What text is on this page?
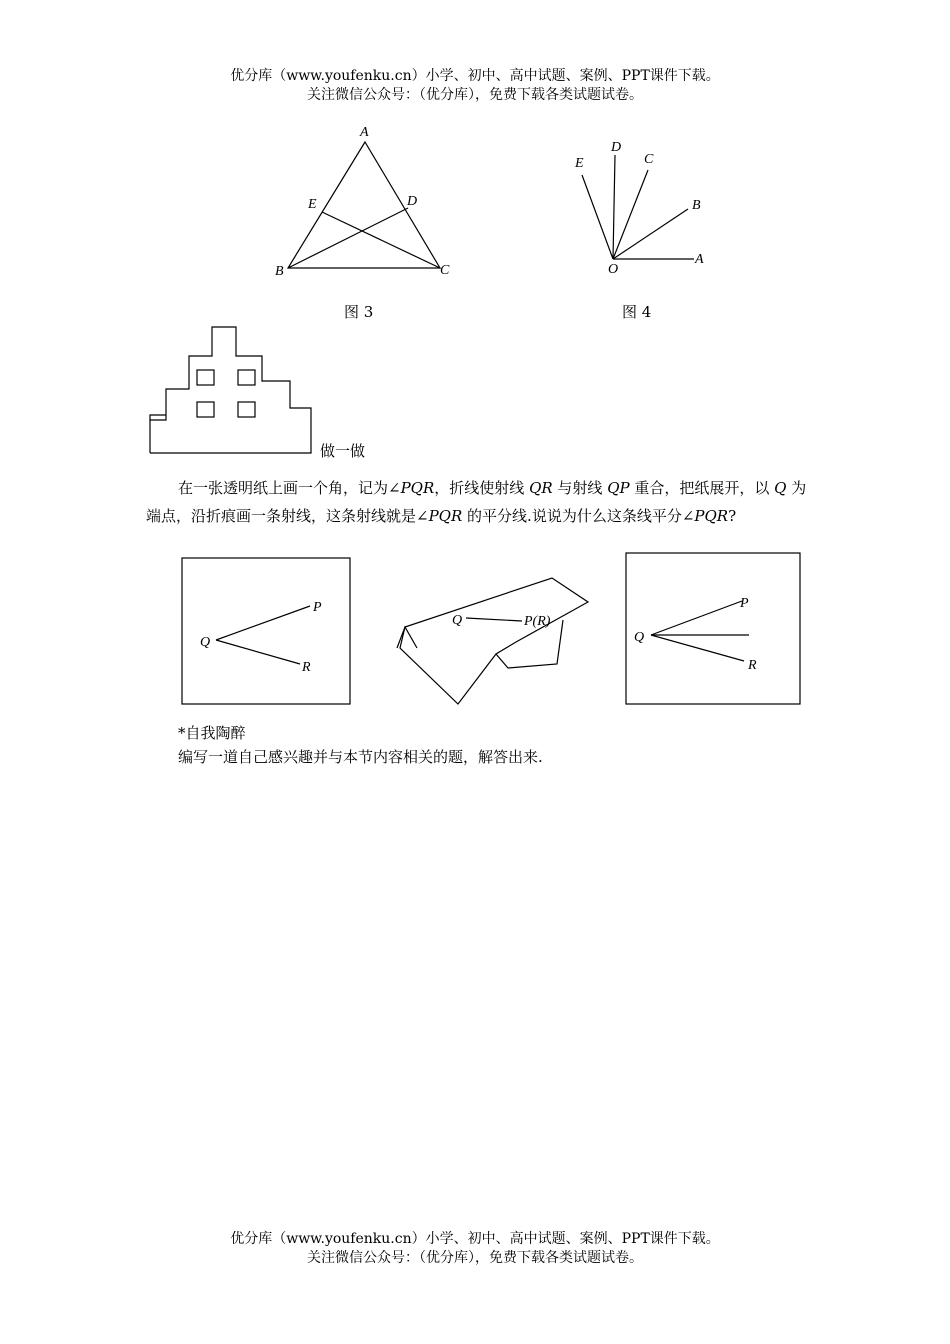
优分库（www.youfenku.cn）小学、初中、高中试题、案例、PPT课件下载。
关注微信公众号：（优分库），免费下载各类试题试卷。
A
B	C
D
E
图 3
O
A
B
C
D
E
图 4
做一做
在一张透明纸上画一个角，记为∠PQR，折线使射线 QR 与射线 QP 重合，把纸展开，以 Q 为端点，沿折痕画一条射线，这条射线就是∠PQR 的平分线.说说为什么这条线平分∠PQR?
Q
P
R
Q	P(R)
Q
P
R
*自我陶醉
编写一道自己感兴趣并与本节内容相关的题，解答出来.
优分库（www.youfenku.cn）小学、初中、高中试题、案例、PPT课件下载。
关注微信公众号：（优分库），免费下载各类试题试卷。
